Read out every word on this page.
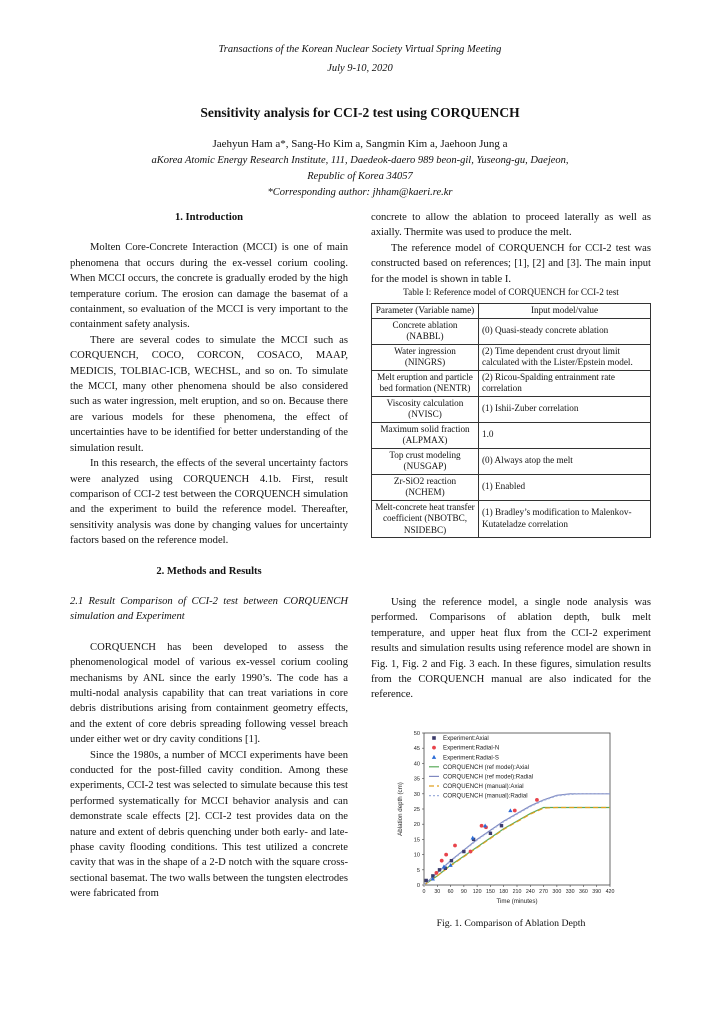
Transactions of the Korean Nuclear Society Virtual Spring Meeting
July 9-10, 2020
Sensitivity analysis for CCI-2 test using CORQUENCH
Jaehyun Ham a*, Sang-Ho Kim a, Sangmin Kim a, Jaehoon Jung a
aKorea Atomic Energy Research Institute, 111, Daedeok-daero 989 beon-gil, Yuseong-gu, Daejeon,
Republic of Korea 34057
*Corresponding author: jhham@kaeri.re.kr

1. Introduction

Molten Core-Concrete Interaction (MCCI) is one of main phenomena that occurs during the ex-vessel corium cooling. When MCCI occurs, the concrete is gradually eroded by the high temperature corium. The erosion can damage the basemat of a containment, so evaluation of the MCCI is very important to the containment safety analysis.

There are several codes to simulate the MCCI such as CORQUENCH, COCO, CORCON, COSACO, MAAP, MEDICIS, TOLBIAC-ICB, WECHSL, and so on. To simulate the MCCI, many other phenomena should be also considered such as water ingression, melt eruption, and so on. Because there are various models for these phenomena, the effect of uncertainties have to be identified for better understanding of the simulation result.

In this research, the effects of the several uncertainty factors were analyzed using CORQUENCH 4.1b. First, result comparison of CCI-2 test between the CORQUENCH simulation and the experiment to build the reference model. Thereafter, sensitivity analysis was done by changing values for uncertainty factors based on the reference model.

2. Methods and Results

2.1 Result Comparison of CCI-2 test between CORQUENCH simulation and Experiment

CORQUENCH has been developed to assess the phenomenological model of various ex-vessel corium cooling mechanisms by ANL since the early 1990’s. The code has a multi-nodal analysis capability that can treat variations in core debris distributions arising from containment geometry effects, and the extent of core debris spreading following vessel breach under either wet or dry cavity conditions [1].

Since the 1980s, a number of MCCI experiments have been conducted for the post-filled cavity condition. Among these experiments, CCI-2 test was selected to simulate because this test performed systematically for MCCI behavior analysis and can demonstrate scale effects [2]. CCI-2 test provides data on the nature and extent of debris quenching under both early- and late-phase cavity flooding conditions. This test utilized a concrete cavity that was in the shape of a 2-D notch with the square cross-sectional basemat. The two walls between the tungsten electrodes were fabricated from

concrete to allow the ablation to proceed laterally as well as axially. Thermite was used to produce the melt.

The reference model of CORQUENCH for CCI-2 test was constructed based on references; [1], [2] and [3]. The main input for the model is shown in table I.

Table I: Reference model of CORQUENCH for CCI-2 test
Parameter (Variable name)	Input model/value
Concrete ablation (NABBL)	(0) Quasi-steady concrete ablation
Water ingression (NINGRS)	(2) Time dependent crust dryout limit calculated with the Lister/Epstein model.
Melt eruption and particle bed formation (NENTR)	(2) Ricou-Spalding entrainment rate correlation
Viscosity calculation (NVISC)	(1) Ishii-Zuber correlation
Maximum solid fraction (ALPMAX)	1.0
Top crust modeling (NUSGAP)	(0) Always atop the melt
Zr-SiO2 reaction (NCHEM)	(1) Enabled
Melt-concrete heat transfer coefficient (NBOTBC, NSIDEBC)	(1) Bradley’s modification to Malenkov-Kutateladze correlation

Using the reference model, a single node analysis was performed. Comparisons of ablation depth, bulk melt temperature, and upper heat flux from the CCI-2 experiment results and simulation results using reference model are shown in Fig. 1, Fig. 2 and Fig. 3 each. In these figures, simulation results from the CORQUENCH manual are also indicated for the reference.

0
5
10
15
20
25
30
35
40
45
50
0 30 60 90 120 150 180 210 240 270 300 330 360 390 420
Time (minutes)
Ablation depth (cm)
Experiment:Axial
Experiment:Radial-N
Experiment:Radial-S
CORQUENCH (ref model):Axial
CORQUENCH (ref model):Radial
CORQUENCH (manual):Axial
CORQUENCH (manual):Radial
Fig. 1. Comparison of Ablation Depth
